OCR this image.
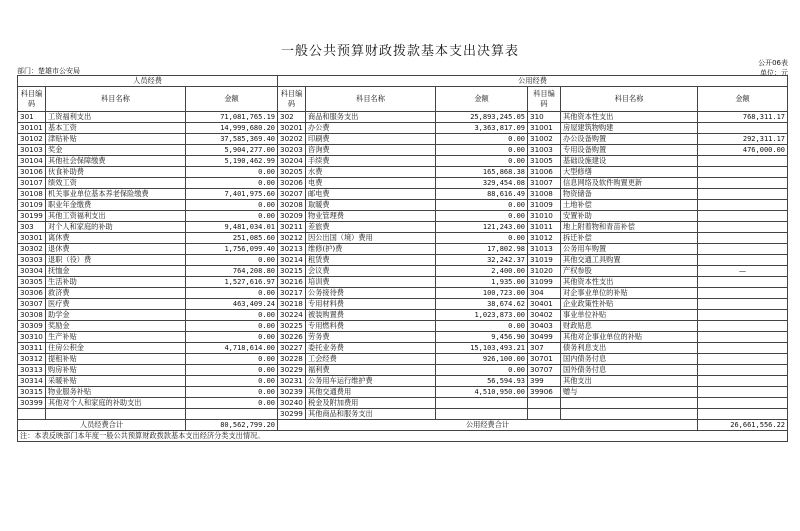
一般公共预算财政拨款基本支出决算表
公开06表
单位：元
部门：楚雄市公安局
人员经费			公用经费					
科目编码	科目名称	金额	科目编码	科目名称	金额	科目编码	科目名称	金额
301	工资福利支出	71,081,765.19	302	商品和服务支出	25,893,245.05	310	其他资本性支出	768,311.17
30101	基本工资	14,999,680.20	30201	办公费	3,363,817.09	31001	房屋建筑物购建	
30102	津贴补贴	37,585,369.40	30202	印刷费	0.00	31002	办公设备购置	292,311.17
30103	奖金	5,904,277.00	30203	咨询费	0.00	31003	专用设备购置	476,000.00
30104	其他社会保障缴费	5,190,462.99	30204	手续费	0.00	31005	基础设施建设	
30106	伙食补助费	0.00	30205	水费	165,868.38	31006	大型修缮	
30107	绩效工资	0.00	30206	电费	329,454.08	31007	信息网络及软件购置更新	
30108	机关事业单位基本养老保险缴费	7,401,975.60	30207	邮电费	88,616.49	31008	物资储备	
30109	职业年金缴费	0.00	30208	取暖费	0.00	31009	土地补偿	
30199	其他工资福利支出	0.00	30209	物业管理费	0.00	31010	安置补助	
303	对个人和家庭的补助	9,481,034.01	30211	差旅费	121,243.00	31011	地上附着物和青苗补偿	
30301	离休费	251,085.60	30212	因公出国（境）费用	0.00	31012	拆迁补偿	
30302	退休费	1,756,099.40	30213	维修(护)费	17,802.98	31013	公务用车购置	
30303	退职（役）费	0.00	30214	租赁费	32,242.37	31019	其他交通工具购置	
30304	抚恤金	764,208.80	30215	会议费	2,400.00	31020	产权参股	—
30305	生活补助	1,527,616.97	30216	培训费	1,935.00	31099	其他资本性支出	
30306	救济费	0.00	30217	公务接待费	100,723.00	304	对企事业单位的补贴	
30307	医疗费	463,409.24	30218	专用材料费	38,674.62	30401	企业政策性补贴	
30308	助学金	0.00	30224	被装购置费	1,023,873.00	30402	事业单位补贴	
30309	奖励金	0.00	30225	专用燃料费	0.00	30403	财政贴息	
30310	生产补贴	0.00	30226	劳务费	9,456.90	30499	其他对企事业单位的补贴	
30311	住房公积金	4,718,614.00	30227	委托业务费	15,103,493.21	307	债务利息支出	
30312	提租补贴	0.00	30228	工会经费	926,100.00	30701	国内债务付息	
30313	购房补贴	0.00	30229	福利费	0.00	30707	国外债务付息	
30314	采暖补贴	0.00	30231	公务用车运行维护费	56,594.93	399	其他支出	
30315	物业服务补贴	0.00	30239	其他交通费用	4,510,950.00	39906	赠与	
30399	其他对个人和家庭的补助支出	0.00	30240	税金及附加费用				
			30299	其他商品和服务支出				
人员经费合计		80,562,799.20	公用经费合计					26,661,556.22
注：本表反映部门本年度一般公共预算财政拨款基本支出经济分类支出情况。								
